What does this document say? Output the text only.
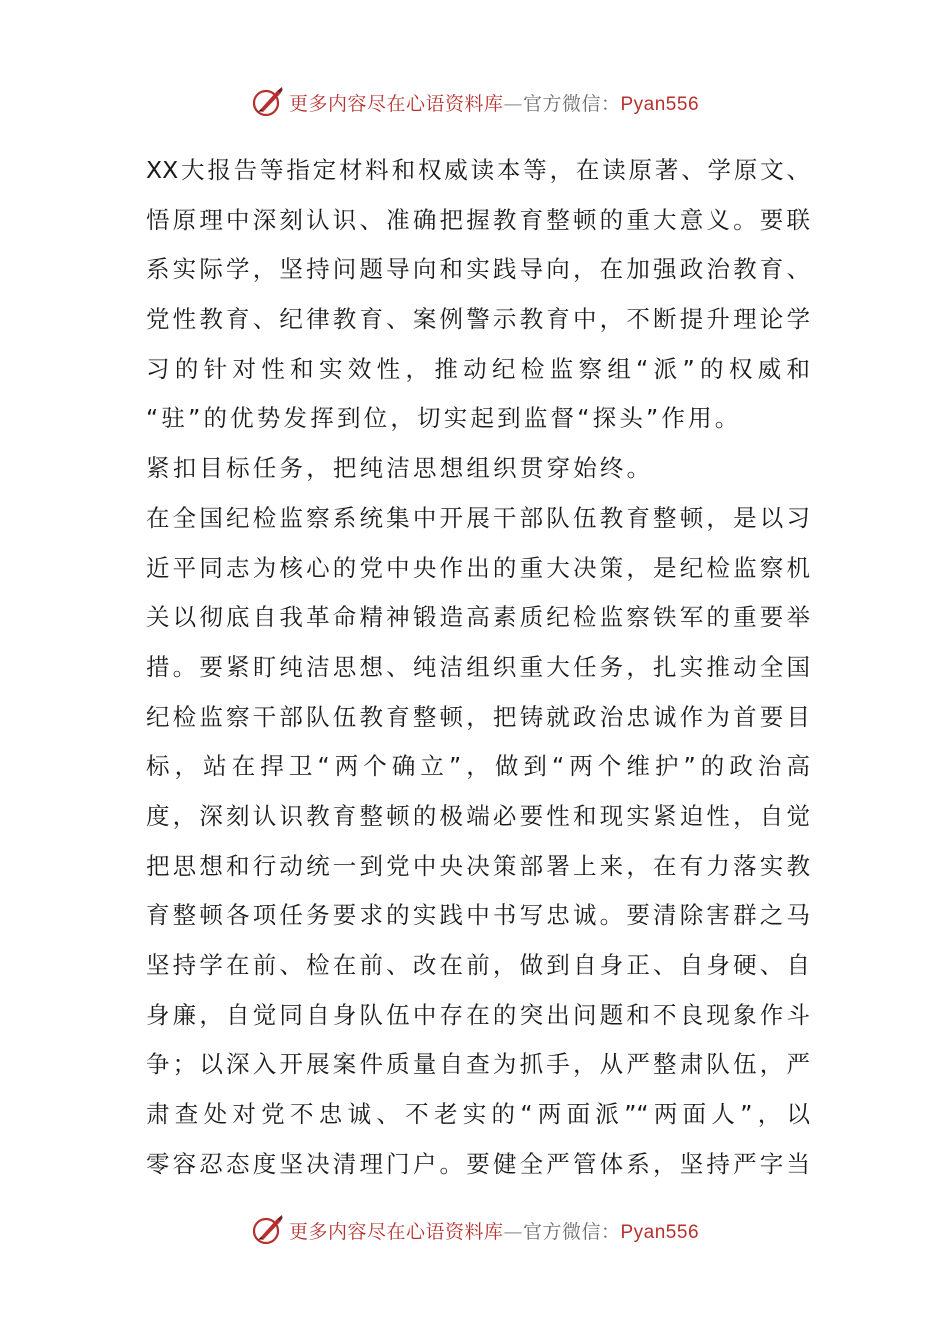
更多内容尽在心语资料库—官方微信：Pyan556
XX大报告等指定材料和权威读本等，在读原著、学原文、
悟原理中深刻认识、准确把握教育整顿的重大意义。要联
系实际学，坚持问题导向和实践导向，在加强政治教育、
党性教育、纪律教育、案例警示教育中，不断提升理论学
习的针对性和实效性，推动纪检监察组“派”的权威和
“驻”的优势发挥到位，切实起到监督“探头”作用。
紧扣目标任务，把纯洁思想组织贯穿始终。
在全国纪检监察系统集中开展干部队伍教育整顿，是以习
近平同志为核心的党中央作出的重大决策，是纪检监察机
关以彻底自我革命精神锻造高素质纪检监察铁军的重要举
措。要紧盯纯洁思想、纯洁组织重大任务，扎实推动全国
纪检监察干部队伍教育整顿，把铸就政治忠诚作为首要目
标，站在捍卫“两个确立”，做到“两个维护”的政治高
度，深刻认识教育整顿的极端必要性和现实紧迫性，自觉
把思想和行动统一到党中央决策部署上来，在有力落实教
育整顿各项任务要求的实践中书写忠诚。要清除害群之马
坚持学在前、检在前、改在前，做到自身正、自身硬、自
身廉，自觉同自身队伍中存在的突出问题和不良现象作斗
争；以深入开展案件质量自查为抓手，从严整肃队伍，严
肃查处对党不忠诚、不老实的“两面派”“两面人”，以
零容忍态度坚决清理门户。要健全严管体系，坚持严字当
更多内容尽在心语资料库—官方微信：Pyan556
